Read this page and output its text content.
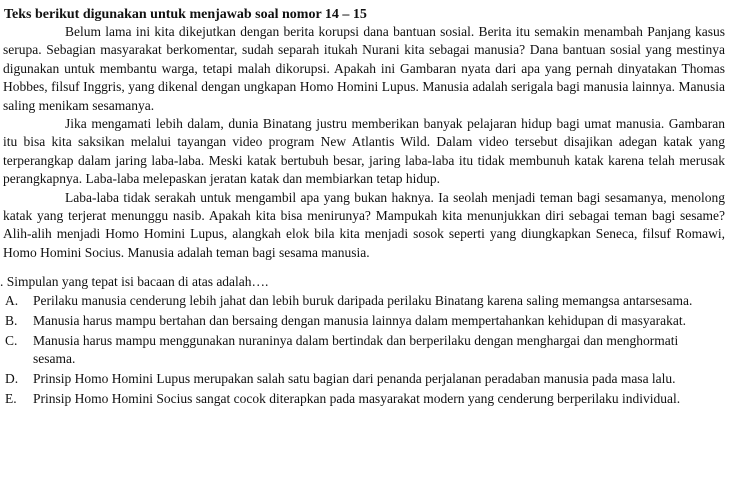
Teks berikut digunakan untuk menjawab soal nomor 14 – 15

Belum lama ini kita dikejutkan dengan berita korupsi dana bantuan sosial. Berita itu semakin menambah Panjang kasus serupa. Sebagian masyarakat berkomentar, sudah separah itukah Nurani kita sebagai manusia? Dana bantuan sosial yang mestinya digunakan untuk membantu warga, tetapi malah dikorupsi. Apakah ini Gambaran nyata dari apa yang pernah dinyatakan Thomas Hobbes, filsuf Inggris, yang dikenal dengan ungkapan Homo Homini Lupus. Manusia adalah serigala bagi manusia lainnya. Manusia saling menikam sesamanya.

Jika mengamati lebih dalam, dunia Binatang justru memberikan banyak pelajaran hidup bagi umat manusia. Gambaran itu bisa kita saksikan melalui tayangan video program New Atlantis Wild. Dalam video tersebut disajikan adegan katak yang terperangkap dalam jaring laba-laba. Meski katak bertubuh besar, jaring laba-laba itu tidak membunuh katak karena telah merusak perangkapnya. Laba-laba melepaskan jeratan katak dan membiarkan tetap hidup.

Laba-laba tidak serakah untuk mengambil apa yang bukan haknya. Ia seolah menjadi teman bagi sesamanya, menolong katak yang terjerat menunggu nasib. Apakah kita bisa menirunya? Mampukah kita menunjukkan diri sebagai teman bagi sesame? Alih-alih menjadi Homo Homini Lupus, alangkah elok bila kita menjadi sosok seperti yang diungkapkan Seneca, filsuf Romawi, Homo Homini Socius. Manusia adalah teman bagi sesama manusia.

. Simpulan yang tepat isi bacaan di atas adalah….

A.	Perilaku manusia cenderung lebih jahat dan lebih buruk daripada perilaku Binatang karena saling memangsa antarsesama.
B.	Manusia harus mampu bertahan dan bersaing dengan manusia lainnya dalam mempertahankan kehidupan di masyarakat.
C.	Manusia harus mampu menggunakan nuraninya dalam bertindak dan berperilaku dengan menghargai dan menghormati sesama.
D.	Prinsip Homo Homini Lupus merupakan salah satu bagian dari penanda perjalanan peradaban manusia pada masa lalu.
E.	Prinsip Homo Homini Socius sangat cocok diterapkan pada masyarakat modern yang cenderung berperilaku individual.
